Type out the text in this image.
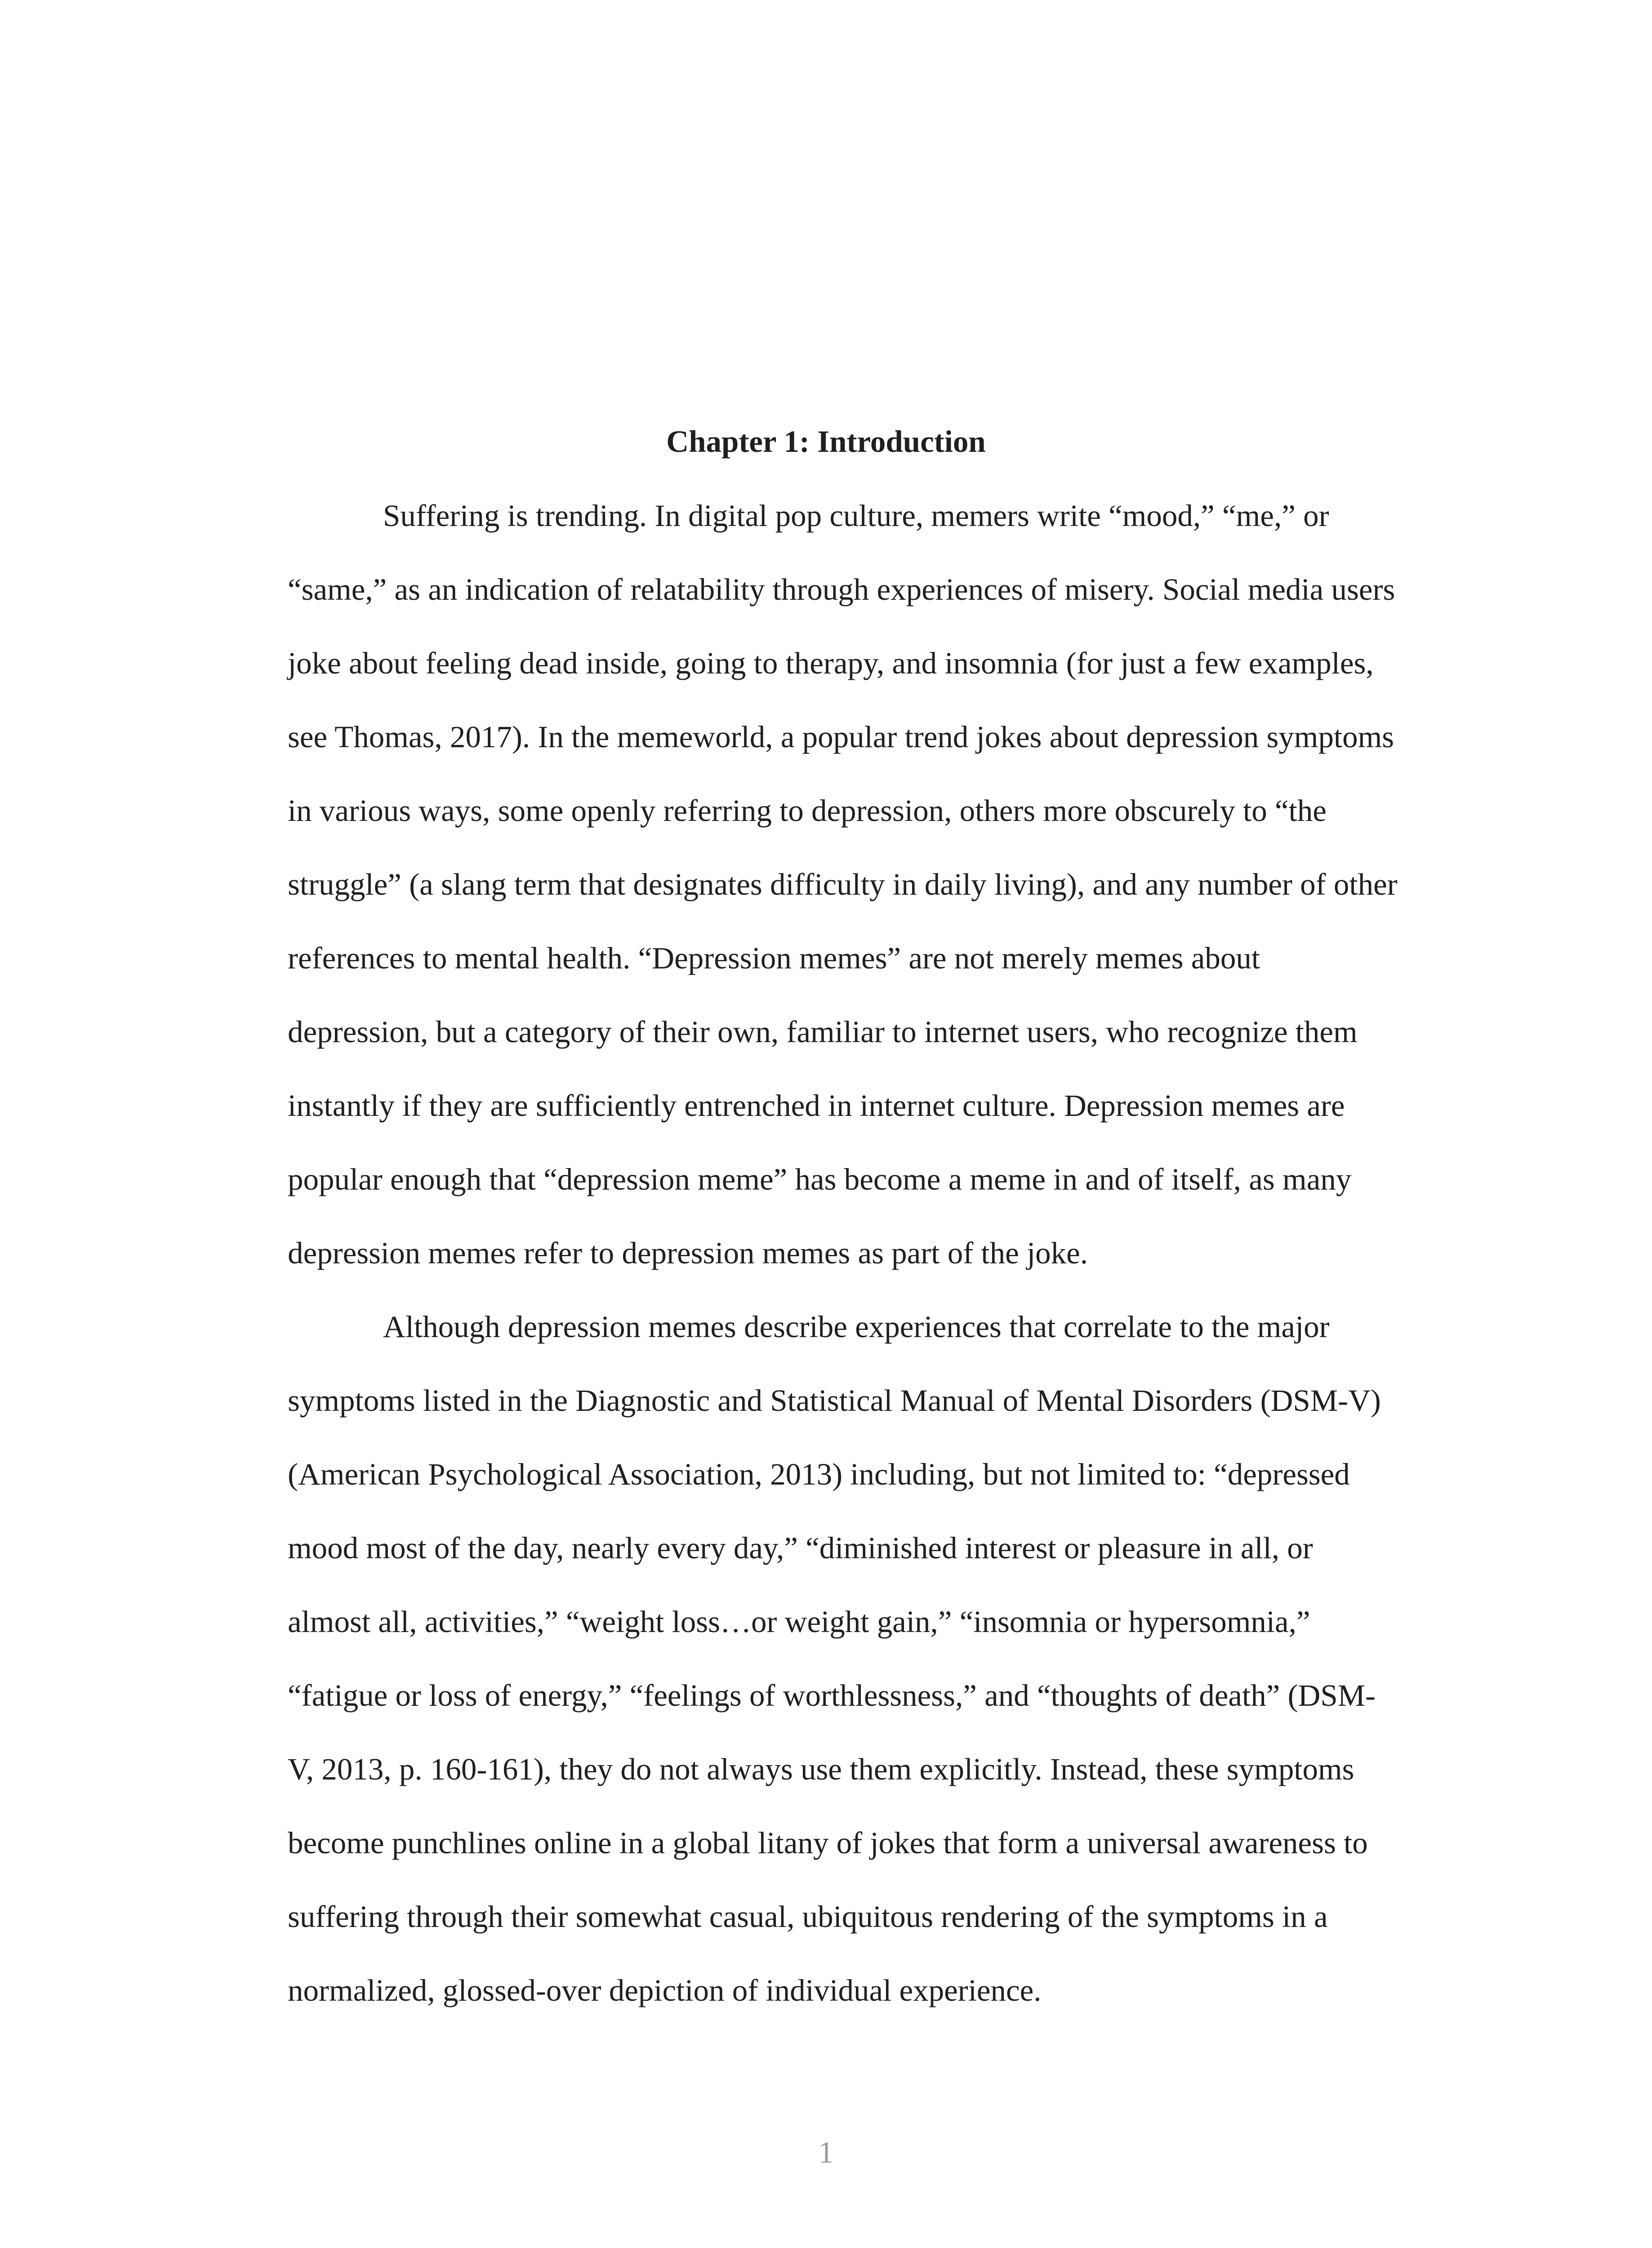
Chapter 1: Introduction

Suffering is trending. In digital pop culture, memers write “mood,” “me,” or

“same,” as an indication of relatability through experiences of misery. Social media users

joke about feeling dead inside, going to therapy, and insomnia (for just a few examples,

see Thomas, 2017). In the memeworld, a popular trend jokes about depression symptoms

in various ways, some openly referring to depression, others more obscurely to “the

struggle” (a slang term that designates difficulty in daily living), and any number of other

references to mental health. “Depression memes” are not merely memes about

depression, but a category of their own, familiar to internet users, who recognize them

instantly if they are sufficiently entrenched in internet culture. Depression memes are

popular enough that “depression meme” has become a meme in and of itself, as many

depression memes refer to depression memes as part of the joke.

Although depression memes describe experiences that correlate to the major

symptoms listed in the Diagnostic and Statistical Manual of Mental Disorders (DSM-V)

(American Psychological Association, 2013) including, but not limited to: “depressed

mood most of the day, nearly every day,” “diminished interest or pleasure in all, or

almost all, activities,” “weight loss…or weight gain,” “insomnia or hypersomnia,”

“fatigue or loss of energy,” “feelings of worthlessness,” and “thoughts of death” (DSM-

V, 2013, p. 160-161), they do not always use them explicitly. Instead, these symptoms

become punchlines online in a global litany of jokes that form a universal awareness to

suffering through their somewhat casual, ubiquitous rendering of the symptoms in a

normalized, glossed-over depiction of individual experience.

1
